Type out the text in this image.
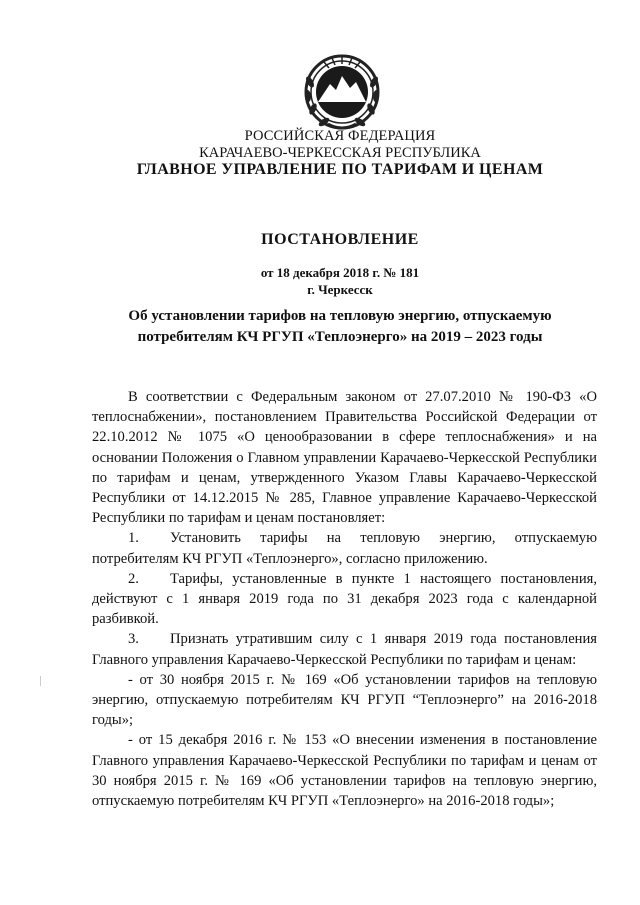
РОССИЙСКАЯ ФЕДЕРАЦИЯ
КАРАЧАЕВО-ЧЕРКЕССКАЯ РЕСПУБЛИКА
ГЛАВНОЕ УПРАВЛЕНИЕ ПО ТАРИФАМ И ЦЕНАМ
ПОСТАНОВЛЕНИЕ
от 18 декабря 2018 г. № 181
г. Черкесск
Об установлении тарифов на тепловую энергию, отпускаемую потребителям КЧ РГУП «Теплоэнерго» на 2019 – 2023 годы

В соответствии с Федеральным законом от 27.07.2010 № 190-ФЗ «О теплоснабжении», постановлением Правительства Российской Федерации от 22.10.2012 № 1075 «О ценообразовании в сфере теплоснабжения» и на основании Положения о Главном управлении Карачаево-Черкесской Республики по тарифам и ценам, утвержденного Указом Главы Карачаево-Черкесской Республики от 14.12.2015 № 285, Главное управление Карачаево-Черкесской Республики по тарифам и ценам постановляет:

1. Установить тарифы на тепловую энергию, отпускаемую потребителям КЧ РГУП «Теплоэнерго», согласно приложению.

2. Тарифы, установленные в пункте 1 настоящего постановления, действуют с 1 января 2019 года по 31 декабря 2023 года с календарной разбивкой.

3. Признать утратившим силу с 1 января 2019 года постановления Главного управления Карачаево-Черкесской Республики по тарифам и ценам:

- от 30 ноября 2015 г. № 169 «Об установлении тарифов на тепловую энергию, отпускаемую потребителям КЧ РГУП “Теплоэнерго” на 2016-2018 годы»;

- от 15 декабря 2016 г. № 153 «О внесении изменения в постановление Главного управления Карачаево-Черкесской Республики по тарифам и ценам от 30 ноября 2015 г. № 169 «Об установлении тарифов на тепловую энергию, отпускаемую потребителям КЧ РГУП «Теплоэнерго» на 2016-2018 годы»;
